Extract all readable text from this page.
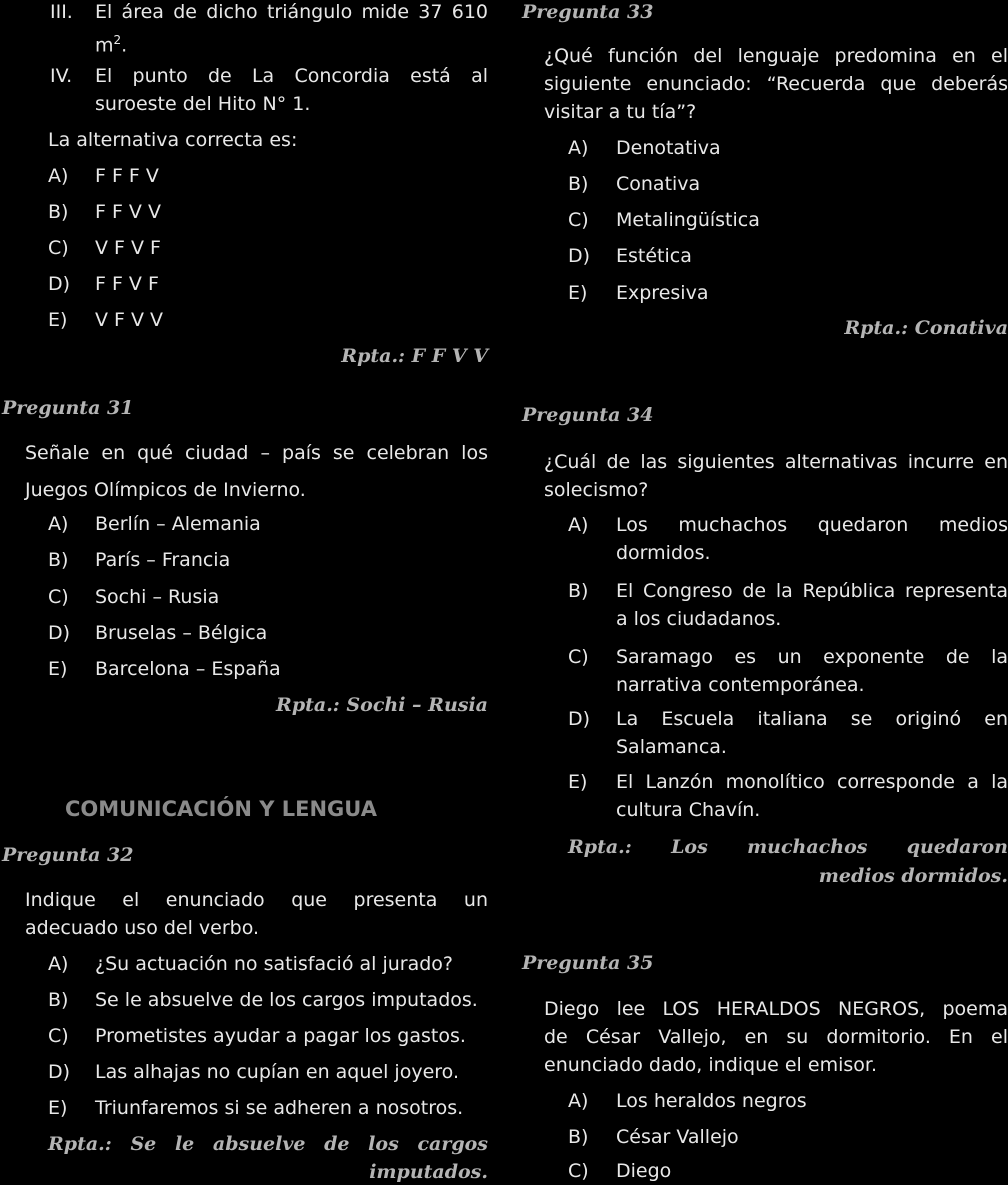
III. El área de dicho triángulo mide 37 610
$m^2$.
IV. El punto de La Concordia está al
suroeste del Hito N° 1.
La alternativa correcta es:
A) F F F V
B) F F V V
C) V F V F
D) F F V F
E) V F V V
Rpta.: F F V V
Pregunta 31
Señale en qué ciudad – país se celebran los
Juegos Olímpicos de Invierno.
A) Berlín – Alemania
B) París – Francia
C) Sochi – Rusia
D) Bruselas – Bélgica
E) Barcelona – España
Rpta.: Sochi – Rusia
COMUNICACIÓN Y LENGUA
Pregunta 32
Indique el enunciado que presenta un
adecuado uso del verbo.
A) ¿Su actuación no satisfació al jurado?
B) Se le absuelve de los cargos imputados.
C) Prometistes ayudar a pagar los gastos.
D) Las alhajas no cupían en aquel joyero.
E) Triunfaremos si se adheren a nosotros.
Rpta.: Se le absuelve de los cargos
imputados.
Pregunta 33
¿Qué función del lenguaje predomina en el
siguiente enunciado: “Recuerda que deberás
visitar a tu tía”?
A) Denotativa
B) Conativa
C) Metalingüística
D) Estética
E) Expresiva
Rpta.: Conativa
Pregunta 34
¿Cuál de las siguientes alternativas incurre en
solecismo?
A) Los muchachos quedaron medios
dormidos.
B) El Congreso de la República representa
a los ciudadanos.
C) Saramago es un exponente de la
narrativa contemporánea.
D) La Escuela italiana se originó en
Salamanca.
E) El Lanzón monolítico corresponde a la
cultura Chavín.
Rpta.: Los muchachos quedaron
medios dormidos.
Pregunta 35
Diego lee LOS HERALDOS NEGROS, poema
de César Vallejo, en su dormitorio. En el
enunciado dado, indique el emisor.
A) Los heraldos negros
B) César Vallejo
C) Diego
